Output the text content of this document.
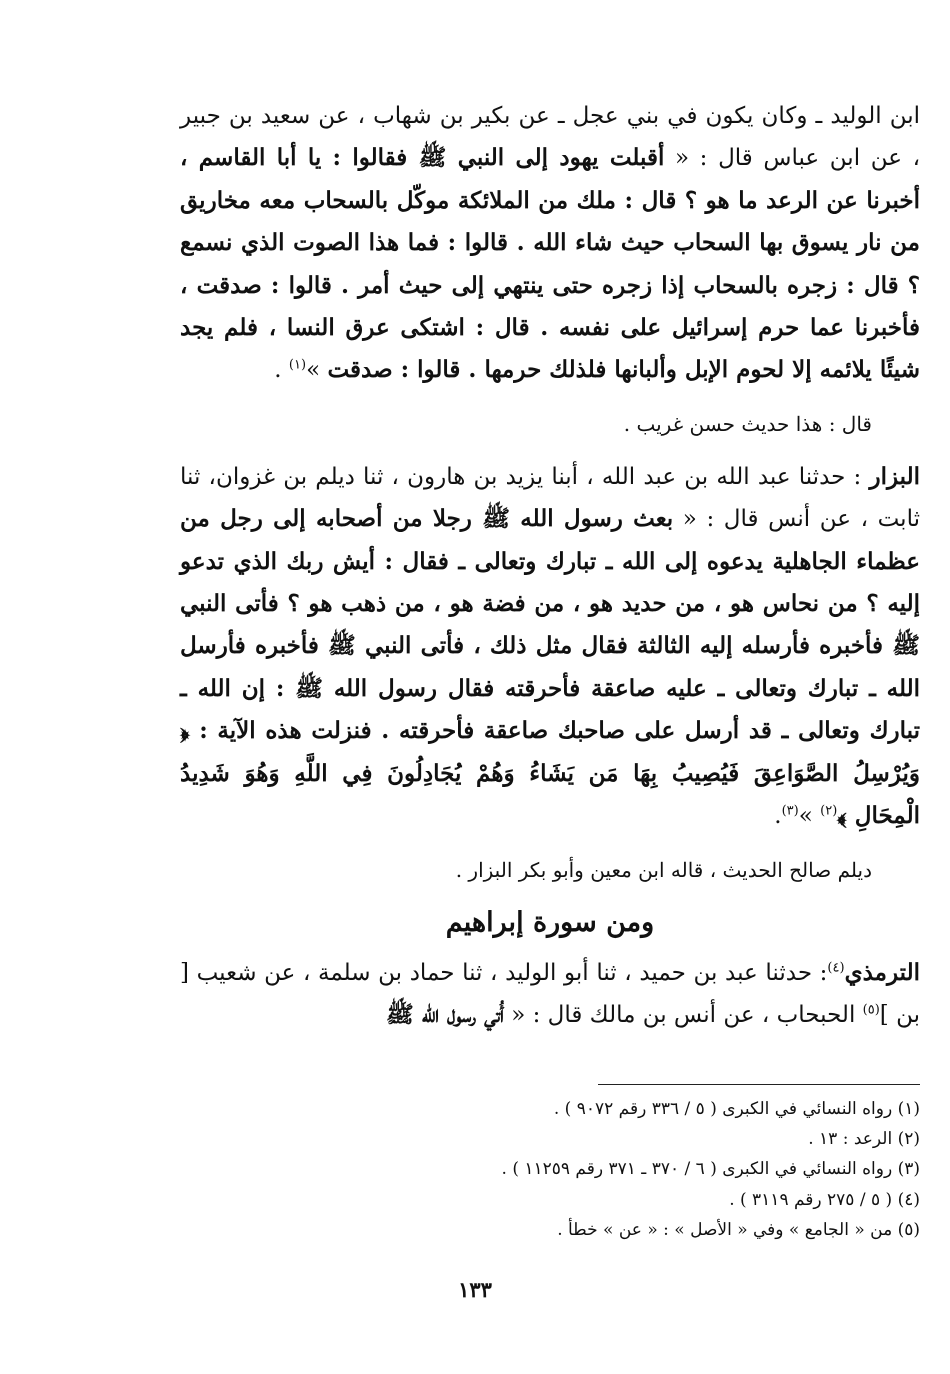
ابن الوليد ـ وكان يكون في بني عجل ـ عن بكير بن شهاب ، عن سعيد بن جبير ، عن ابن عباس قال : « أقبلت يهود إلى النبي ﷺ فقالوا : يا أبا القاسم ، أخبرنا عن الرعد ما هو ؟ قال : ملك من الملائكة موكّل بالسحاب معه مخاريق من نار يسوق بها السحاب حيث شاء الله . قالوا : فما هذا الصوت الذي نسمع ؟ قال : زجره بالسحاب إذا زجره حتى ينتهي إلى حيث أمر . قالوا : صدقت ، فأخبرنا عما حرم إسرائيل على نفسه . قال : اشتكى عرق النسا ، فلم يجد شيئًا يلائمه إلا لحوم الإبل وألبانها فلذلك حرمها . قالوا : صدقت »$^{(١)}$ .

قال : هذا حديث حسن غريب .

البزار : حدثنا عبد الله بن عبد الله ، أبنا يزيد بن هارون ، ثنا ديلم بن غزوان، ثنا ثابت ، عن أنس قال : « بعث رسول الله ﷺ رجلا من أصحابه إلى رجل من عظماء الجاهلية يدعوه إلى الله ـ تبارك وتعالى ـ فقال : أيش ربك الذي تدعو إليه ؟ من نحاس هو ، من حديد هو ، من فضة هو ، من ذهب هو ؟ فأتى النبي ﷺ فأخبره فأرسله إليه الثالثة فقال مثل ذلك ، فأتى النبي ﷺ فأخبره فأرسل الله ـ تبارك وتعالى ـ عليه صاعقة فأحرقته فقال رسول الله ﷺ : إن الله ـ تبارك وتعالى ـ قد أرسل على صاحبك صاعقة فأحرقته . فنزلت هذه الآية : ﴿ وَيُرْسِلُ الصَّوَاعِقَ فَيُصِيبُ بِهَا مَن يَشَاءُ وَهُمْ يُجَادِلُونَ فِي اللَّهِ وَهُوَ شَدِيدُ الْمِحَالِ ﴾$^{(٢)}$ »$^{(٣)}$.

ديلم صالح الحديث ، قاله ابن معين وأبو بكر البزار .

ومن سورة إبراهيم

الترمذي$^{(٤)}$: حدثنا عبد بن حميد ، ثنا أبو الوليد ، ثنا حماد بن سلمة ، عن شعيب [ بن ]$^{(٥)}$ الحبحاب ، عن أنس بن مالك قال : « أُتي رسول الله ﷺ

(١) رواه النسائي في الكبرى ( ٥ / ٣٣٦ رقم ٩٠٧٢ ) .
(٢) الرعد : ١٣ .
(٣) رواه النسائي في الكبرى ( ٦ / ٣٧٠ ـ ٣٧١ رقم ١١٢٥٩ ) .
(٤) ( ٥ / ٢٧٥ رقم ٣١١٩ ) .
(٥) من « الجامع » وفي « الأصل » : « عن » خطأ .
١٣٣
